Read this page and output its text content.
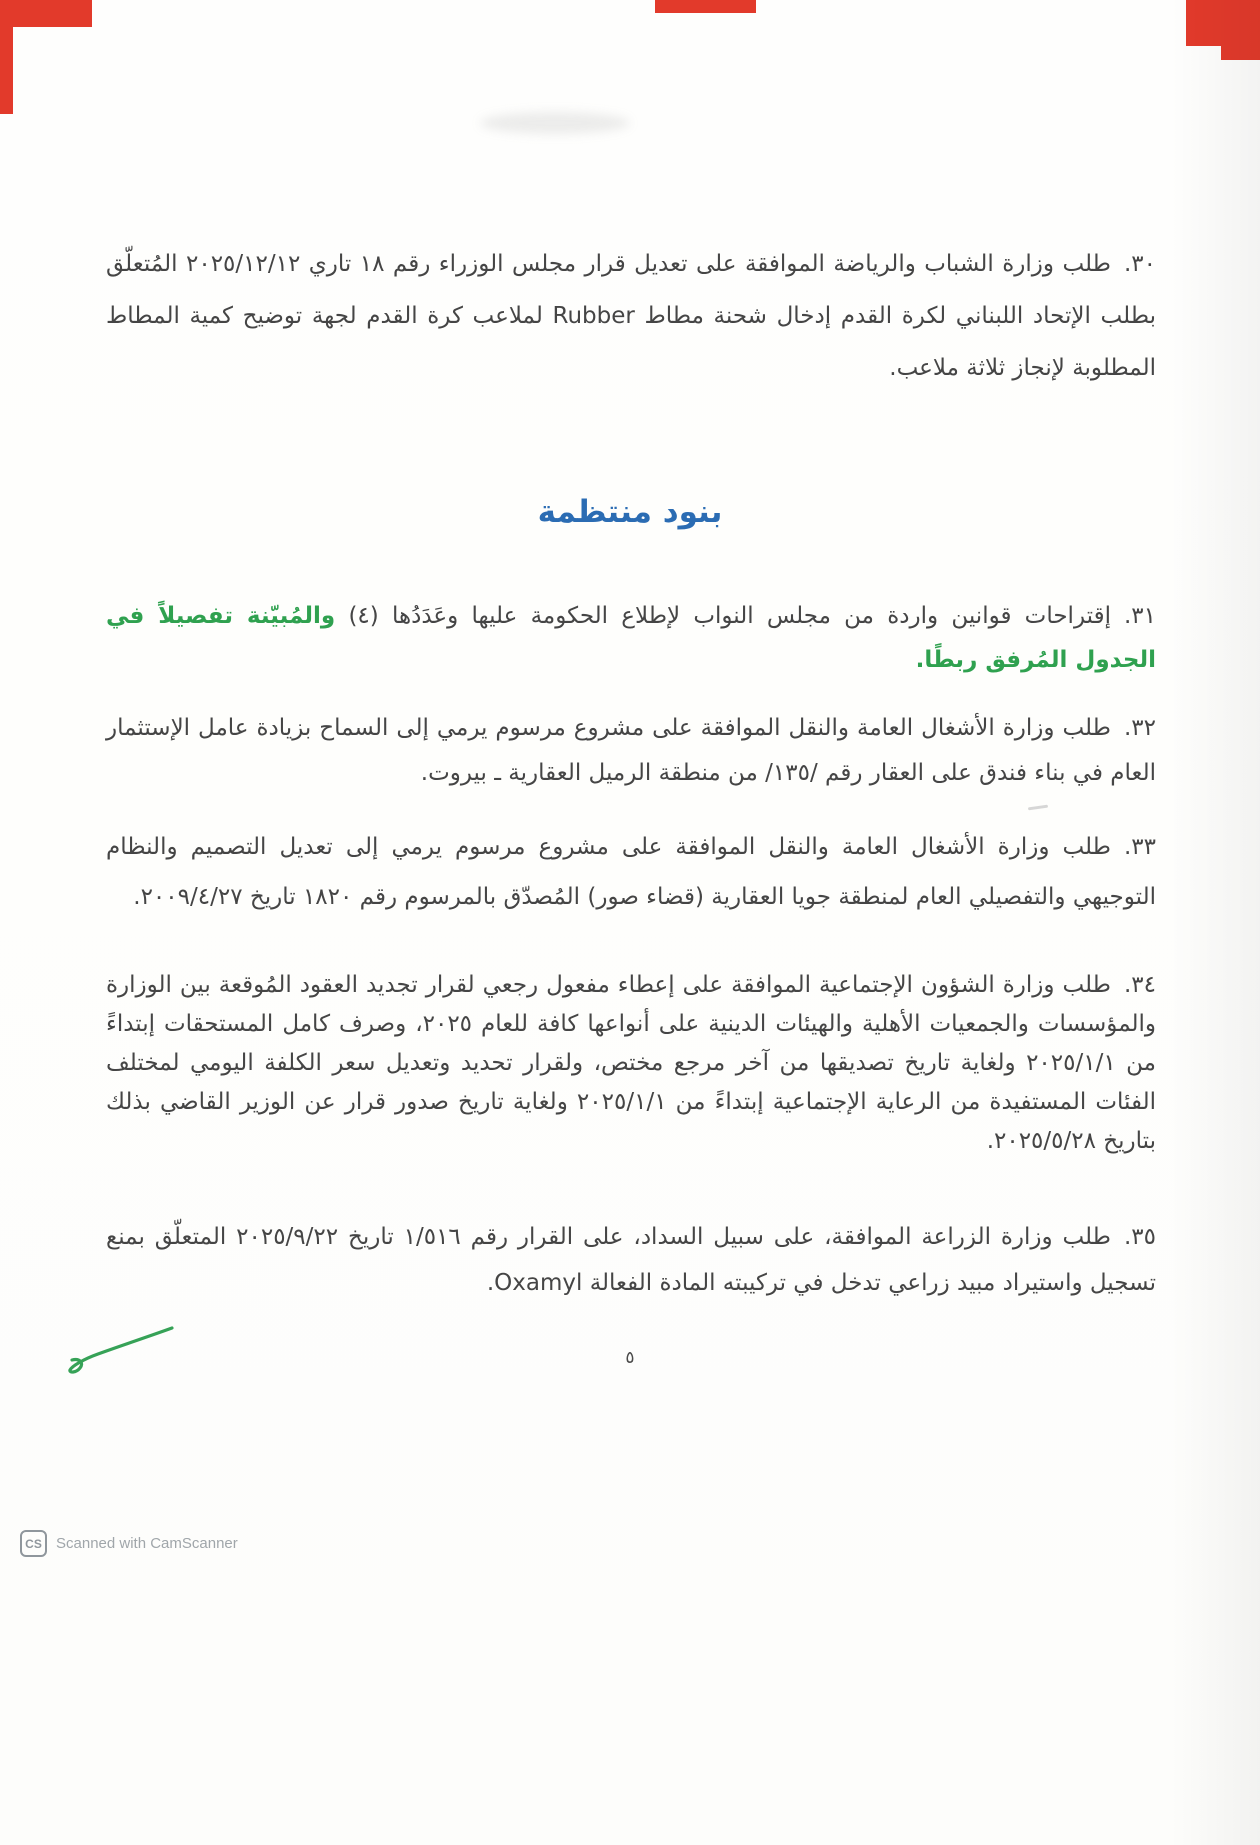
٣٠.طلب وزارة الشباب والرياضة الموافقة على تعديل قرار مجلس الوزراء رقم ١٨ تاري ٢٠٢٥/١٢/١٢ المُتعلّق بطلب الإتحاد اللبناني لكرة القدم إدخال شحنة مطاط Rubber لملاعب كرة القدم لجهة توضيح كمية المطاط المطلوبة لإنجاز ثلاثة ملاعب.

بنود منتظمة

٣١.إقتراحات قوانين واردة من مجلس النواب لإطلاع الحكومة عليها وعَدَدُها (٤) والمُبيّنة تفصيلاً في الجدول المُرفق ربطًا.

٣٢.طلب وزارة الأشغال العامة والنقل الموافقة على مشروع مرسوم يرمي إلى السماح بزيادة عامل الإستثمار العام في بناء فندق على العقار رقم /١٣٥/ من منطقة الرميل العقارية ـ بيروت.

٣٣.طلب وزارة الأشغال العامة والنقل الموافقة على مشروع مرسوم يرمي إلى تعديل التصميم والنظام التوجيهي والتفصيلي العام لمنطقة جويا العقارية (قضاء صور) المُصدّق بالمرسوم رقم ١٨٢٠ تاريخ ٢٠٠٩/٤/٢٧.

٣٤.طلب وزارة الشؤون الإجتماعية الموافقة على إعطاء مفعول رجعي لقرار تجديد العقود المُوقعة بين الوزارة والمؤسسات والجمعيات الأهلية والهيئات الدينية على أنواعها كافة للعام ٢٠٢٥، وصرف كامل المستحقات إبتداءً من ٢٠٢٥/١/١ ولغاية تاريخ تصديقها من آخر مرجع مختص، ولقرار تحديد وتعديل سعر الكلفة اليومي لمختلف الفئات المستفيدة من الرعاية الإجتماعية إبتداءً من ٢٠٢٥/١/١ ولغاية تاريخ صدور قرار عن الوزير القاضي بذلك بتاريخ ٢٠٢٥/٥/٢٨.

٣٥.طلب وزارة الزراعة الموافقة، على سبيل السداد، على القرار رقم ١/٥١٦ تاريخ ٢٠٢٥/٩/٢٢ المتعلّق بمنع تسجيل واستيراد مبيد زراعي تدخل في تركيبته المادة الفعالة Oxamyl.

٥
CS Scanned with CamScanner
